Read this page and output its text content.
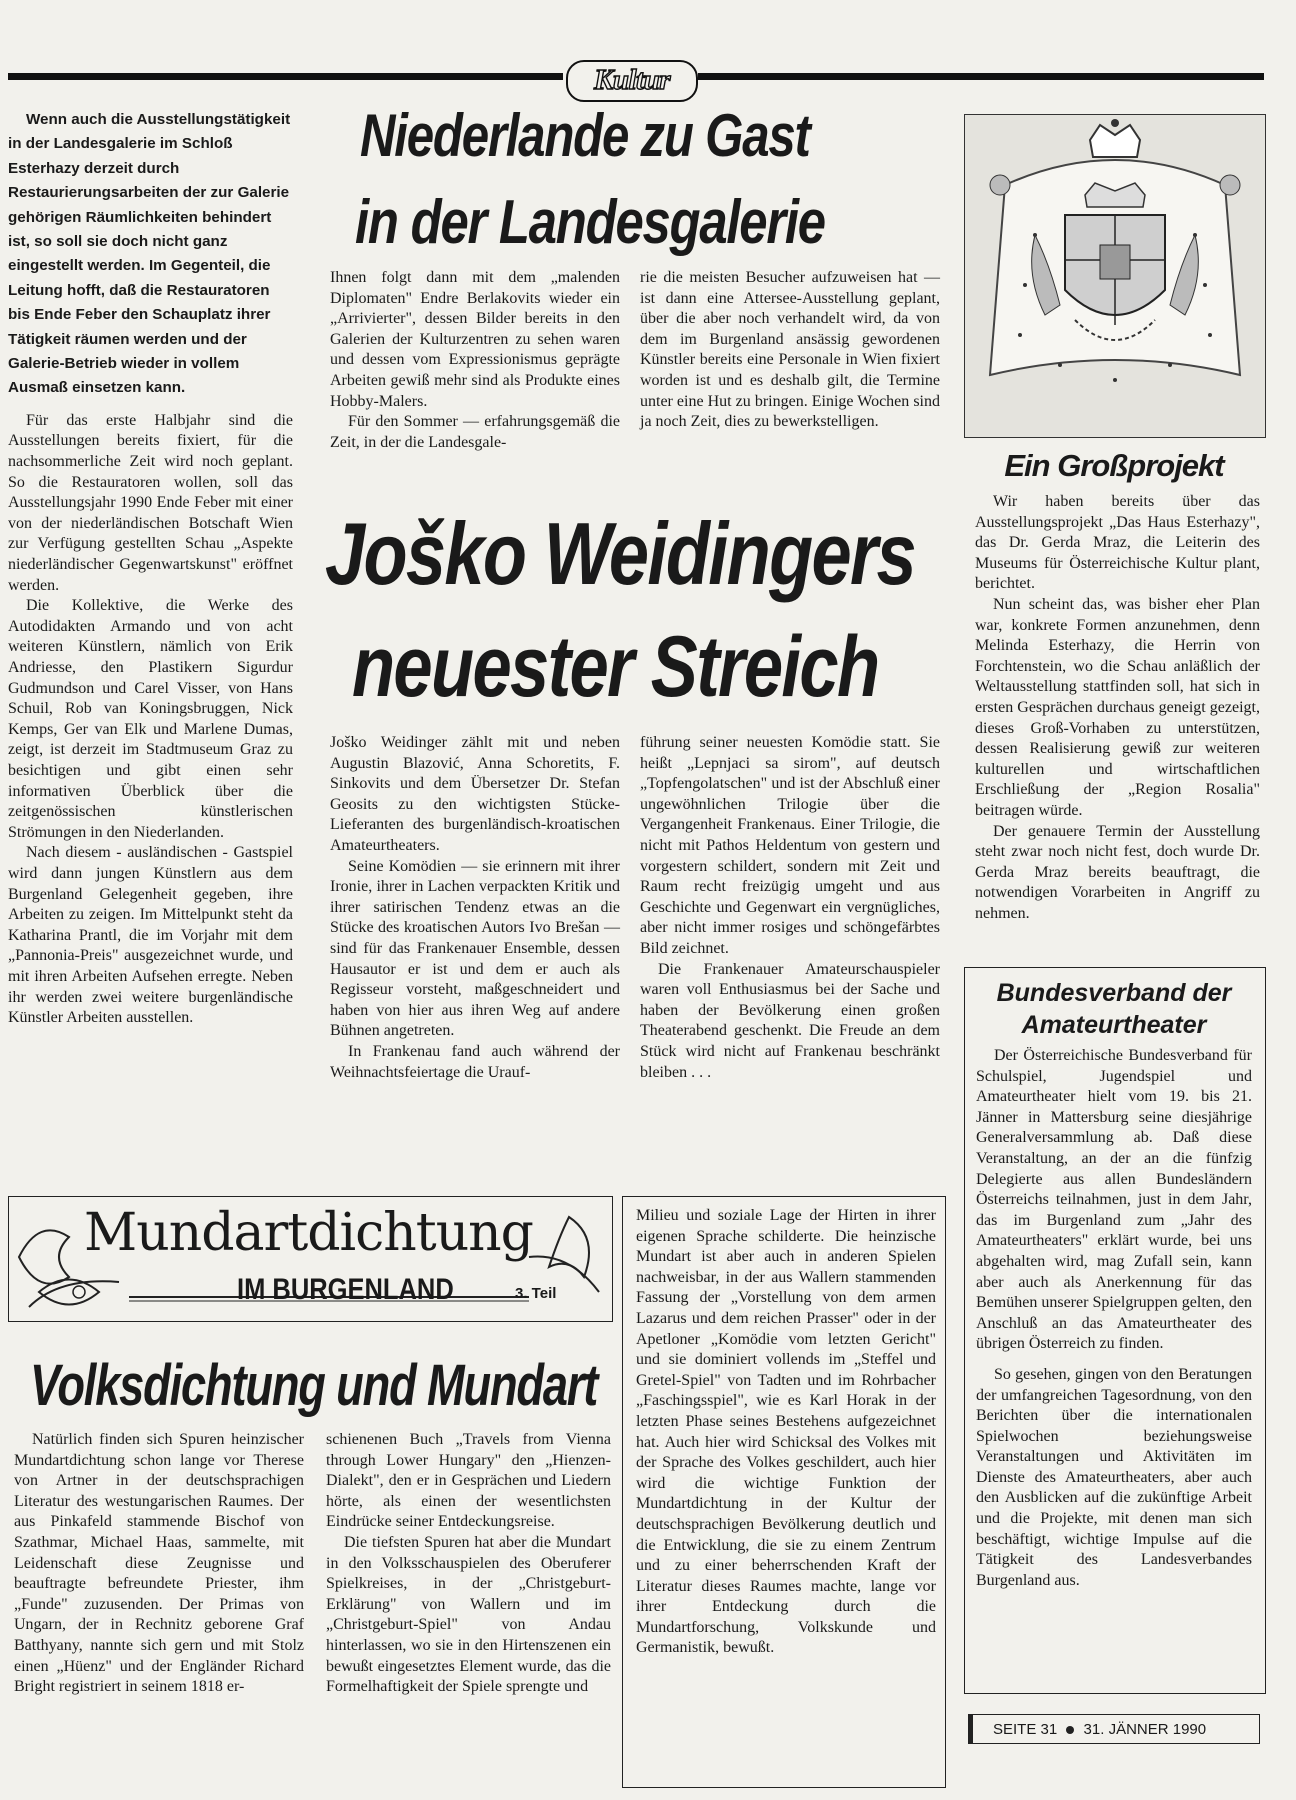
Kultur

Wenn auch die Ausstellungstätigkeit in der Landesgalerie im Schloß Esterhazy derzeit durch Restaurierungsarbeiten der zur Galerie gehörigen Räumlichkeiten behindert ist, so soll sie doch nicht ganz eingestellt werden. Im Gegenteil, die Leitung hofft, daß die Restauratoren bis Ende Feber den Schauplatz ihrer Tätigkeit räumen werden und der Galerie-Betrieb wieder in vollem Ausmaß einsetzen kann.

Für das erste Halbjahr sind die Ausstellungen bereits fixiert, für die nachsommerliche Zeit wird noch geplant. So die Restauratoren wollen, soll das Ausstellungsjahr 1990 Ende Feber mit einer von der niederländischen Botschaft Wien zur Verfügung gestellten Schau „Aspekte niederländischer Gegenwartskunst" eröffnet werden.

Die Kollektive, die Werke des Autodidakten Armando und von acht weiteren Künstlern, nämlich von Erik Andriesse, den Plastikern Sigurdur Gudmundson und Carel Visser, von Hans Schuil, Rob van Koningsbruggen, Nick Kemps, Ger van Elk und Marlene Dumas, zeigt, ist derzeit im Stadtmuseum Graz zu besichtigen und gibt einen sehr informativen Überblick über die zeitgenössischen künstlerischen Strömungen in den Niederlanden.

Nach diesem - ausländischen - Gastspiel wird dann jungen Künstlern aus dem Burgenland Gelegenheit gegeben, ihre Arbeiten zu zeigen. Im Mittelpunkt steht da Katharina Prantl, die im Vorjahr mit dem „Pannonia-Preis" ausgezeichnet wurde, und mit ihren Arbeiten Aufsehen erregte. Neben ihr werden zwei weitere burgenländische Künstler Arbeiten ausstellen.

Niederlande zu Gast
in der Landesgalerie

Ihnen folgt dann mit dem „malenden Diplomaten" Endre Berlakovits wieder ein „Arrivierter", dessen Bilder bereits in den Galerien der Kulturzentren zu sehen waren und dessen vom Expressionismus geprägte Arbeiten gewiß mehr sind als Produkte eines Hobby-Malers.

Für den Sommer — erfahrungsgemäß die Zeit, in der die Landesgale-

rie die meisten Besucher aufzuweisen hat — ist dann eine Attersee-Ausstellung geplant, über die aber noch verhandelt wird, da von dem im Burgenland ansässig gewordenen Künstler bereits eine Personale in Wien fixiert worden ist und es deshalb gilt, die Termine unter eine Hut zu bringen. Einige Wochen sind ja noch Zeit, dies zu bewerkstelligen.

Joško Weidingers
neuester Streich

Joško Weidinger zählt mit und neben Augustin Blazović, Anna Schoretits, F. Sinkovits und dem Übersetzer Dr. Stefan Geosits zu den wichtigsten Stücke-Lieferanten des burgenländisch-kroatischen Amateurtheaters.

Seine Komödien — sie erinnern mit ihrer Ironie, ihrer in Lachen verpackten Kritik und ihrer satirischen Tendenz etwas an die Stücke des kroatischen Autors Ivo Brešan — sind für das Frankenauer Ensemble, dessen Hausautor er ist und dem er auch als Regisseur vorsteht, maßgeschneidert und haben von hier aus ihren Weg auf andere Bühnen angetreten.

In Frankenau fand auch während der Weihnachtsfeiertage die Urauf-

führung seiner neuesten Komödie statt. Sie heißt „Lepnjaci sa sirom", auf deutsch „Topfengolatschen" und ist der Abschluß einer ungewöhnlichen Trilogie über die Vergangenheit Frankenaus. Einer Trilogie, die nicht mit Pathos Heldentum von gestern und vorgestern schildert, sondern mit Zeit und Raum recht freizügig umgeht und aus Geschichte und Gegenwart ein vergnügliches, aber nicht immer rosiges und schöngefärbtes Bild zeichnet.

Die Frankenauer Amateurschauspieler waren voll Enthusiasmus bei der Sache und haben der Bevölkerung einen großen Theaterabend geschenkt. Die Freude an dem Stück wird nicht auf Frankenau beschränkt bleiben . . .

Ein Großprojekt

Wir haben bereits über das Ausstellungsprojekt „Das Haus Esterhazy", das Dr. Gerda Mraz, die Leiterin des Museums für Österreichische Kultur plant, berichtet.

Nun scheint das, was bisher eher Plan war, konkrete Formen anzunehmen, denn Melinda Esterhazy, die Herrin von Forchtenstein, wo die Schau anläßlich der Weltausstellung stattfinden soll, hat sich in ersten Gesprächen durchaus geneigt gezeigt, dieses Groß-Vorhaben zu unterstützen, dessen Realisierung gewiß zur weiteren kulturellen und wirtschaftlichen Erschließung der „Region Rosalia" beitragen würde.

Der genauere Termin der Ausstellung steht zwar noch nicht fest, doch wurde Dr. Gerda Mraz bereits beauftragt, die notwendigen Vorarbeiten in Angriff zu nehmen.

Bundesverband der
Amateurtheater

Der Österreichische Bundesverband für Schulspiel, Jugendspiel und Amateurtheater hielt vom 19. bis 21. Jänner in Mattersburg seine diesjährige Generalversammlung ab. Daß diese Veranstaltung, an der an die fünfzig Delegierte aus allen Bundesländern Österreichs teilnahmen, just in dem Jahr, das im Burgenland zum „Jahr des Amateurtheaters" erklärt wurde, bei uns abgehalten wird, mag Zufall sein, kann aber auch als Anerkennung für das Bemühen unserer Spielgruppen gelten, den Anschluß an das Amateurtheater des übrigen Österreich zu finden.

So gesehen, gingen von den Beratungen der umfangreichen Tagesordnung, von den Berichten über die internationalen Spielwochen beziehungsweise Veranstaltungen und Aktivitäten im Dienste des Amateurtheaters, aber auch den Ausblicken auf die zukünftige Arbeit und die Projekte, mit denen man sich beschäftigt, wichtige Impulse auf die Tätigkeit des Landesverbandes Burgenland aus.

Mundartdichtung
IM BURGENLAND	3. Teil
Volksdichtung und Mundart

Natürlich finden sich Spuren heinzischer Mundartdichtung schon lange vor Therese von Artner in der deutschsprachigen Literatur des westungarischen Raumes. Der aus Pinkafeld stammende Bischof von Szathmar, Michael Haas, sammelte, mit Leidenschaft diese Zeugnisse und beauftragte befreundete Priester, ihm „Funde" zuzusenden. Der Primas von Ungarn, der in Rechnitz geborene Graf Batthyany, nannte sich gern und mit Stolz einen „Hüenz" und der Engländer Richard Bright registriert in seinem 1818 er-

schienenen Buch „Travels from Vienna through Lower Hungary" den „Hienzen-Dialekt", den er in Gesprächen und Liedern hörte, als einen der wesentlichsten Eindrücke seiner Entdeckungsreise.

Die tiefsten Spuren hat aber die Mundart in den Volksschauspielen des Oberuferer Spielkreises, in der „Christgeburt-Erklärung" von Wallern und im „Christgeburt-Spiel" von Andau hinterlassen, wo sie in den Hirtenszenen ein bewußt eingesetztes Element wurde, das die Formelhaftigkeit der Spiele sprengte und

Milieu und soziale Lage der Hirten in ihrer eigenen Sprache schilderte. Die heinzische Mundart ist aber auch in anderen Spielen nachweisbar, in der aus Wallern stammenden Fassung der „Vorstellung von dem armen Lazarus und dem reichen Prasser" oder in der Apetloner „Komödie vom letzten Gericht" und sie dominiert vollends im „Steffel und Gretel-Spiel" von Tadten und im Rohrbacher „Faschingsspiel", wie es Karl Horak in der letzten Phase seines Bestehens aufgezeichnet hat. Auch hier wird Schicksal des Volkes mit der Sprache des Volkes geschildert, auch hier wird die wichtige Funktion der Mundartdichtung in der Kultur der deutschsprachigen Bevölkerung deutlich und die Entwicklung, die sie zu einem Zentrum und zu einer beherrschenden Kraft der Literatur dieses Raumes machte, lange vor ihrer Entdeckung durch die Mundartforschung, Volkskunde und Germanistik, bewußt.

SEITE 31 31. JÄNNER 1990
